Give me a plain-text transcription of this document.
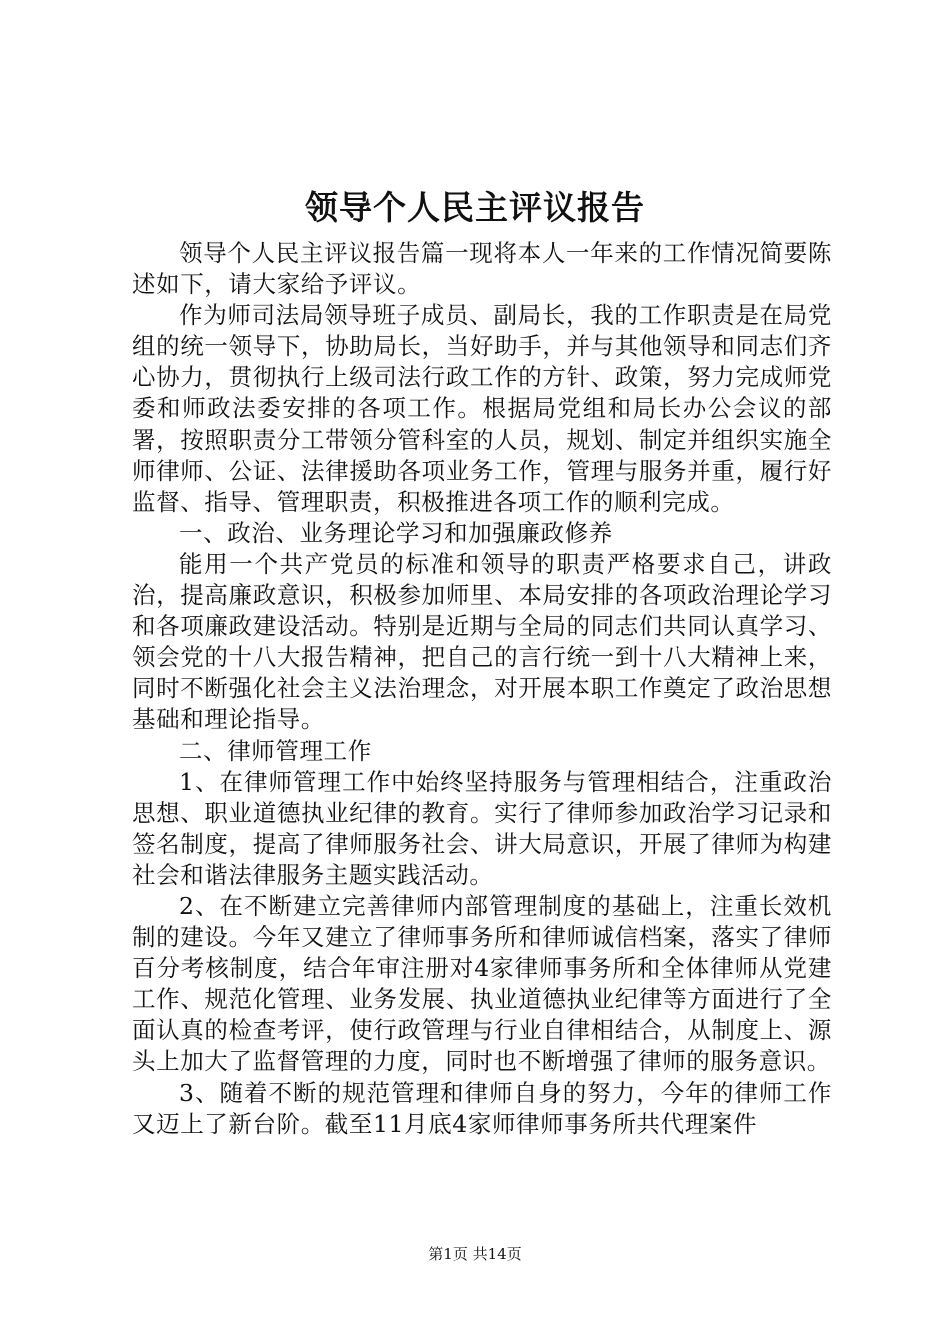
领导个人民主评议报告

领导个人民主评议报告篇一现将本人一年来的工作情况简要陈述如下，请大家给予评议。

作为师司法局领导班子成员、副局长，我的工作职责是在局党组的统一领导下，协助局长，当好助手，并与其他领导和同志们齐心协力，贯彻执行上级司法行政工作的方针、政策，努力完成师党委和师政法委安排的各项工作。根据局党组和局长办公会议的部署，按照职责分工带领分管科室的人员，规划、制定并组织实施全师律师、公证、法律援助各项业务工作，管理与服务并重，履行好监督、指导、管理职责，积极推进各项工作的顺利完成。

一、政治、业务理论学习和加强廉政修养

能用一个共产党员的标准和领导的职责严格要求自己，讲政治，提高廉政意识，积极参加师里、本局安排的各项政治理论学习和各项廉政建设活动。特别是近期与全局的同志们共同认真学习、领会党的十八大报告精神，把自己的言行统一到十八大精神上来，同时不断强化社会主义法治理念，对开展本职工作奠定了政治思想基础和理论指导。

二、律师管理工作

1、在律师管理工作中始终坚持服务与管理相结合，注重政治思想、职业道德执业纪律的教育。实行了律师参加政治学习记录和签名制度，提高了律师服务社会、讲大局意识，开展了律师为构建社会和谐法律服务主题实践活动。

2、在不断建立完善律师内部管理制度的基础上，注重长效机制的建设。今年又建立了律师事务所和律师诚信档案，落实了律师百分考核制度，结合年审注册对4家律师事务所和全体律师从党建工作、规范化管理、业务发展、执业道德执业纪律等方面进行了全面认真的检查考评，使行政管理与行业自律相结合，从制度上、源头上加大了监督管理的力度，同时也不断增强了律师的服务意识。

3、随着不断的规范管理和律师自身的努力，今年的律师工作又迈上了新台阶。截至11月底4家师律师事务所共代理案件

第1页 共14页
